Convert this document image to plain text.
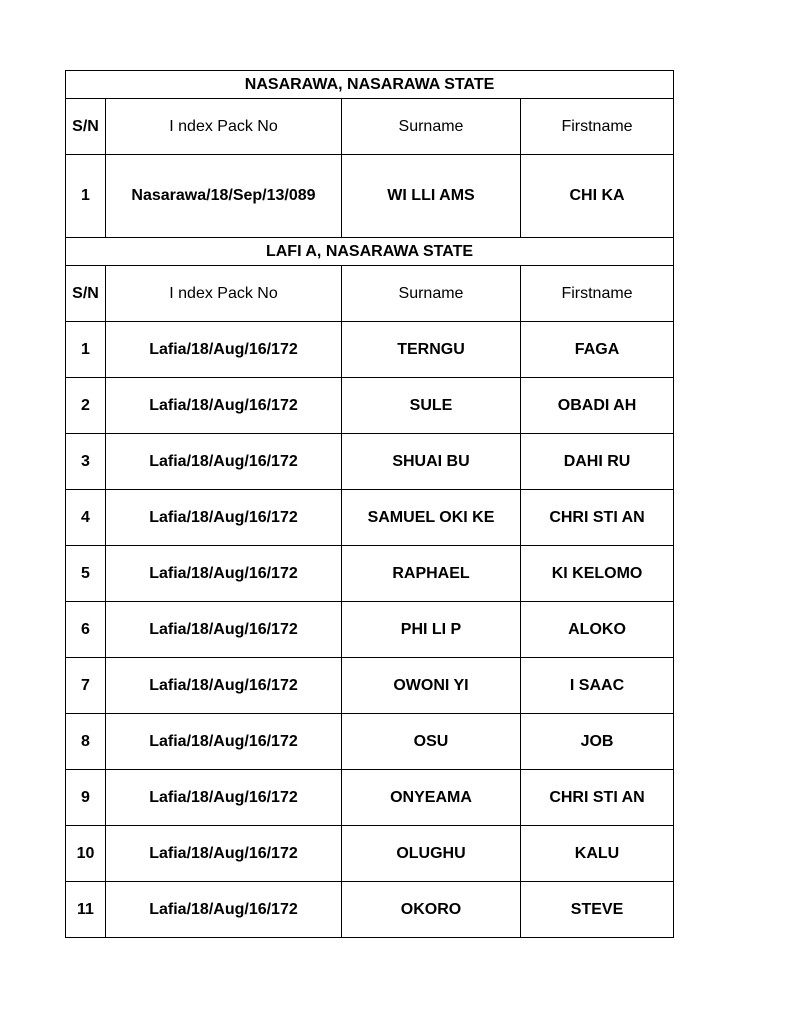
NASARAWA, NASARAWA STATE			
S/N	I ndex Pack No	Surname	Firstname
1	Nasarawa/18/Sep/13/089	WI LLI AMS	CHI KA
LAFI A, NASARAWA STATE			
S/N	I ndex Pack No	Surname	Firstname
1	Lafia/18/Aug/16/172	TERNGU	FAGA
2	Lafia/18/Aug/16/172	SULE	OBADI AH
3	Lafia/18/Aug/16/172	SHUAI BU	DAHI RU
4	Lafia/18/Aug/16/172	SAMUEL OKI KE	CHRI STI AN
5	Lafia/18/Aug/16/172	RAPHAEL	KI KELOMO
6	Lafia/18/Aug/16/172	PHI LI P	ALOKO
7	Lafia/18/Aug/16/172	OWONI YI	I SAAC
8	Lafia/18/Aug/16/172	OSU	JOB
9	Lafia/18/Aug/16/172	ONYEAMA	CHRI STI AN
10	Lafia/18/Aug/16/172	OLUGHU	KALU
11	Lafia/18/Aug/16/172	OKORO	STEVE
